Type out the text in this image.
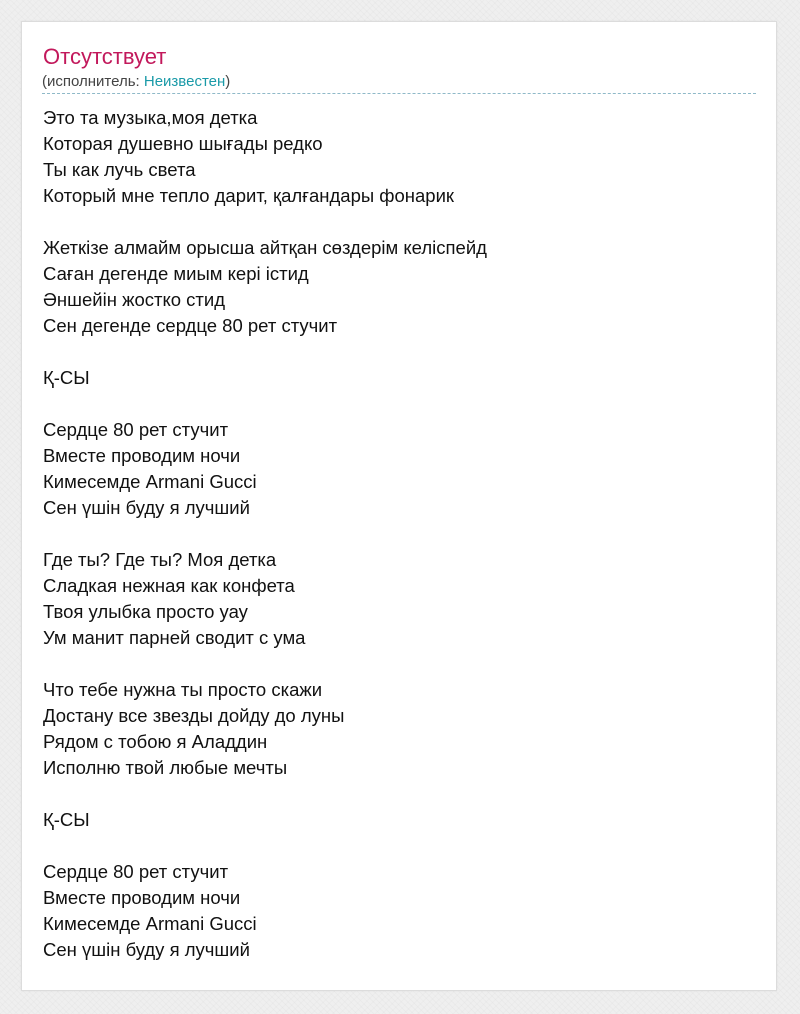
Отсутствует
(исполнитель: Неизвестен)
Это та музыка,моя детка
Которая душевно шығады редко
Ты как лучь света
Который мне тепло дарит, қалғандары фонарик
Жеткізе алмайм орысша айтқан сөздерім келіспейд
Саған дегенде миым кері істид
Әншейін жостко стид
Сен дегенде сердце 80 рет стучит
Қ-СЫ
Сердце 80 рет стучит
Вместе проводим ночи
Кимесемде Armani Gucci
Сен үшін буду я лучший
Где ты? Где ты? Моя детка
Сладкая нежная как конфета
Твоя улыбка просто уау
Ум манит парней сводит с ума
Что тебе нужна ты просто скажи
Достану все звезды дойду до луны
Рядом с тобою я Аладдин
Исполню твой любые мечты
Қ-СЫ
Сердце 80 рет стучит
Вместе проводим ночи
Кимесемде Armani Gucci
Сен үшін буду я лучший
